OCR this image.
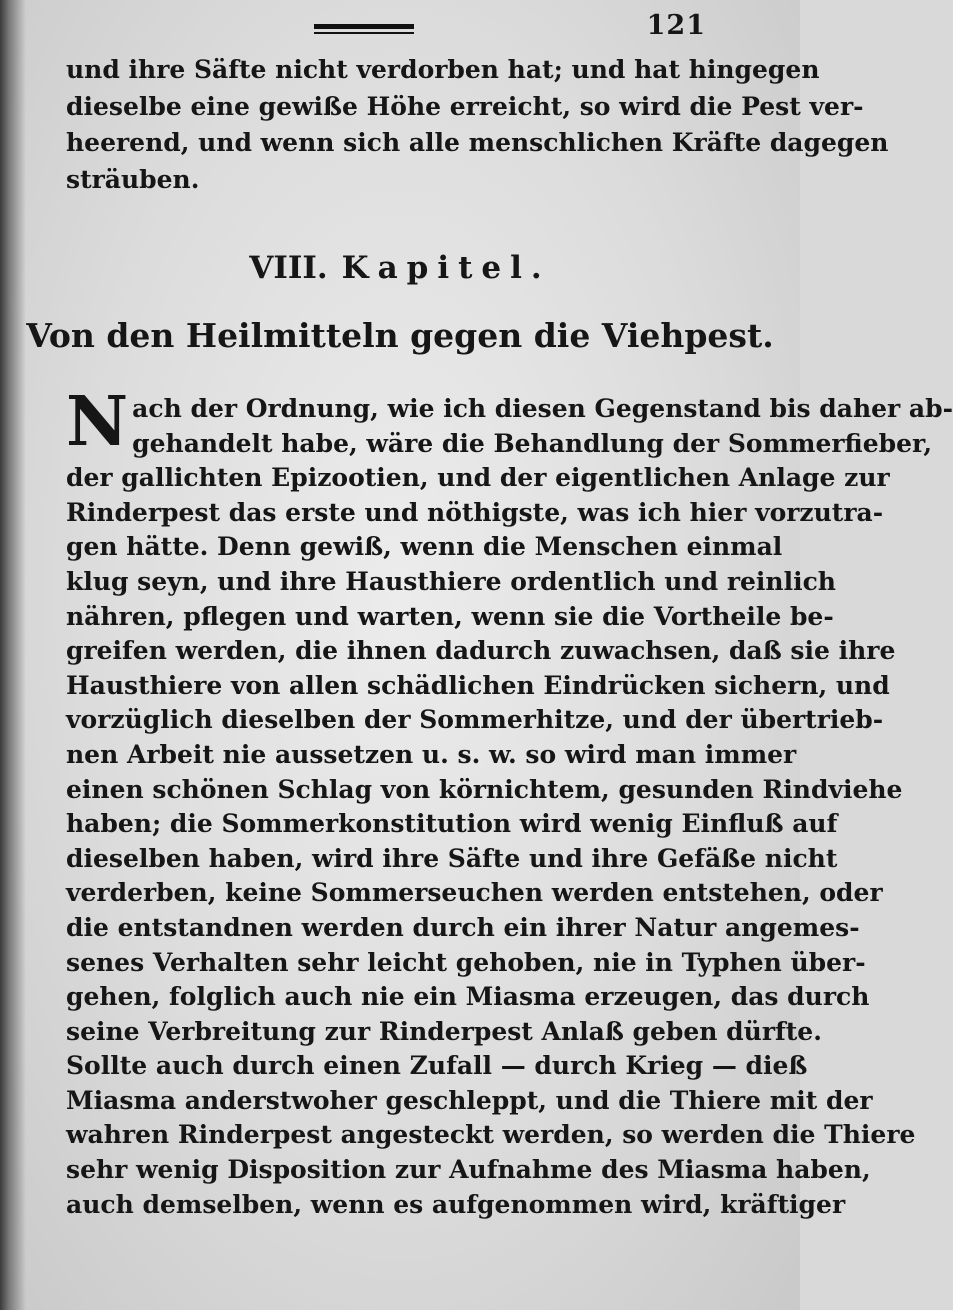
121
und ihre Säfte nicht verdorben hat; und hat hingegen
dieselbe eine gewiße Höhe erreicht, so wird die Pest ver-
heerend, und wenn sich alle menschlichen Kräfte dagegen
sträuben.
VIII. Kapitel.
Von den Heilmitteln gegen die Viehpest.
N ach der Ordnung, wie ich diesen Gegenstand bis daher ab-
gehandelt habe, wäre die Behandlung der Sommerfieber,
der gallichten Epizootien, und der eigentlichen Anlage zur
Rinderpest das erste und nöthigste, was ich hier vorzutra-
gen hätte. Denn gewiß, wenn die Menschen einmal
klug seyn, und ihre Hausthiere ordentlich und reinlich
nähren, pflegen und warten, wenn sie die Vortheile be-
greifen werden, die ihnen dadurch zuwachsen, daß sie ihre
Hausthiere von allen schädlichen Eindrücken sichern, und
vorzüglich dieselben der Sommerhitze, und der übertrieb-
nen Arbeit nie aussetzen u. s. w. so wird man immer
einen schönen Schlag von körnichtem, gesunden Rindviehe
haben; die Sommerkonstitution wird wenig Einfluß auf
dieselben haben, wird ihre Säfte und ihre Gefäße nicht
verderben, keine Sommerseuchen werden entstehen, oder
die entstandnen werden durch ein ihrer Natur angemes-
senes Verhalten sehr leicht gehoben, nie in Typhen über-
gehen, folglich auch nie ein Miasma erzeugen, das durch
seine Verbreitung zur Rinderpest Anlaß geben dürfte.
Sollte auch durch einen Zufall — durch Krieg — dieß
Miasma anderstwoher geschleppt, und die Thiere mit der
wahren Rinderpest angesteckt werden, so werden die Thiere
sehr wenig Disposition zur Aufnahme des Miasma haben,
auch demselben, wenn es aufgenommen wird, kräftiger
